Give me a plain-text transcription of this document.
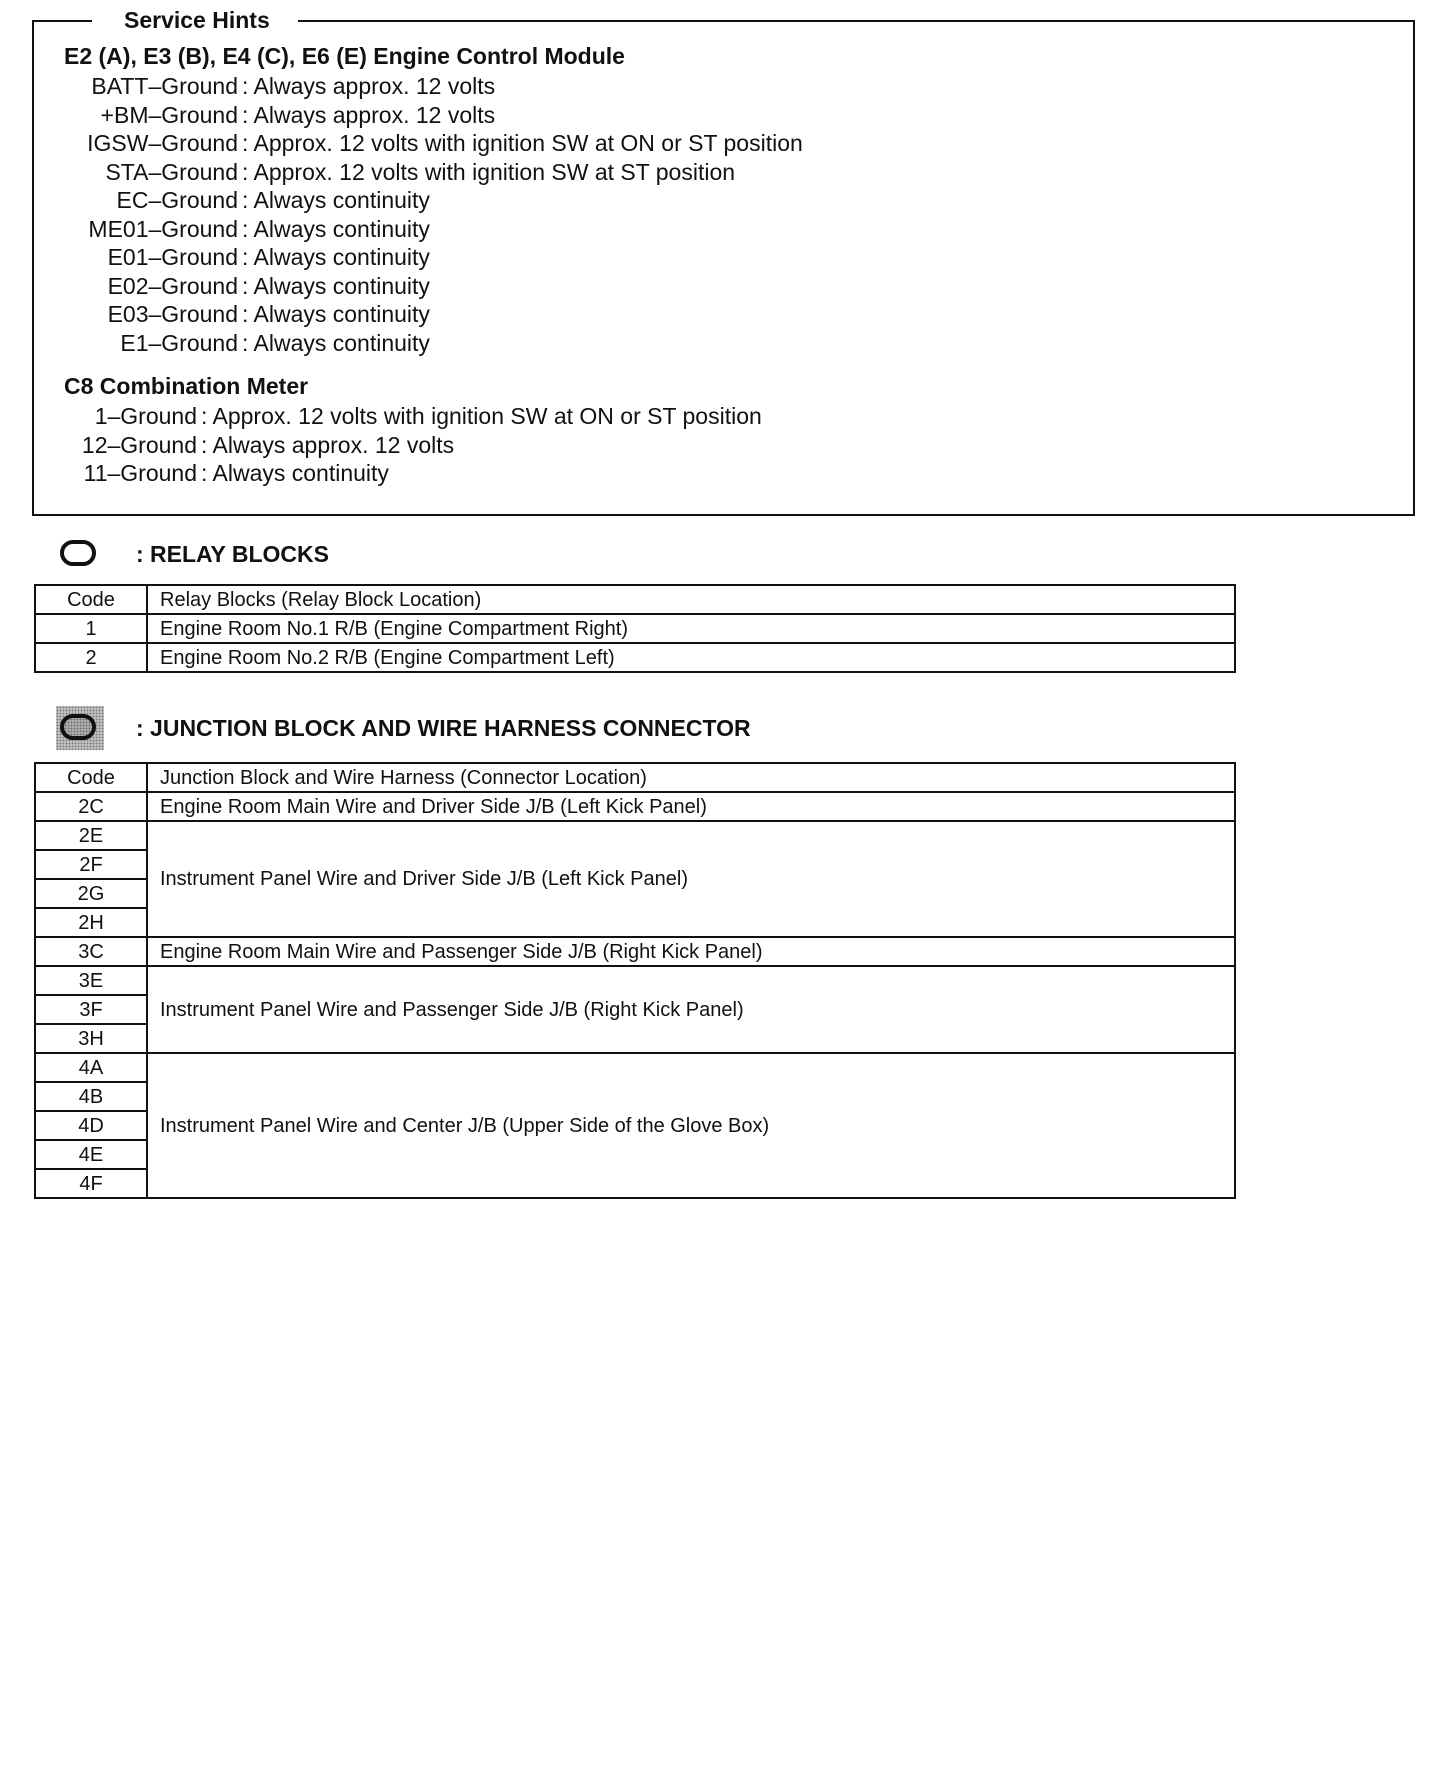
Service Hints
E2 (A), E3 (B), E4 (C), E6 (E) Engine Control Module
BATT–Ground : Always approx. 12 volts
+BM–Ground : Always approx. 12 volts
IGSW–Ground : Approx. 12 volts with ignition SW at ON or ST position
STA–Ground : Approx. 12 volts with ignition SW at ST position
EC–Ground : Always continuity
ME01–Ground : Always continuity
E01–Ground : Always continuity
E02–Ground : Always continuity
E03–Ground : Always continuity
E1–Ground : Always continuity
C8 Combination Meter
1–Ground : Approx. 12 volts with ignition SW at ON or ST position
12–Ground : Always approx. 12 volts
11–Ground : Always continuity
: RELAY BLOCKS
Code	Relay Blocks (Relay Block Location)
1	Engine Room No.1 R/B (Engine Compartment Right)
2	Engine Room No.2 R/B (Engine Compartment Left)
: JUNCTION BLOCK AND WIRE HARNESS CONNECTOR
Code	Junction Block and Wire Harness (Connector Location)
2C	Engine Room Main Wire and Driver Side J/B (Left Kick Panel)
2E	Instrument Panel Wire and Driver Side J/B (Left Kick Panel)
2F	
2G	
2H	
3C	Engine Room Main Wire and Passenger Side J/B (Right Kick Panel)
3E	Instrument Panel Wire and Passenger Side J/B (Right Kick Panel)
3F	
3H	
4A	Instrument Panel Wire and Center J/B (Upper Side of the Glove Box)
4B	
4D	
4E	
4F	
